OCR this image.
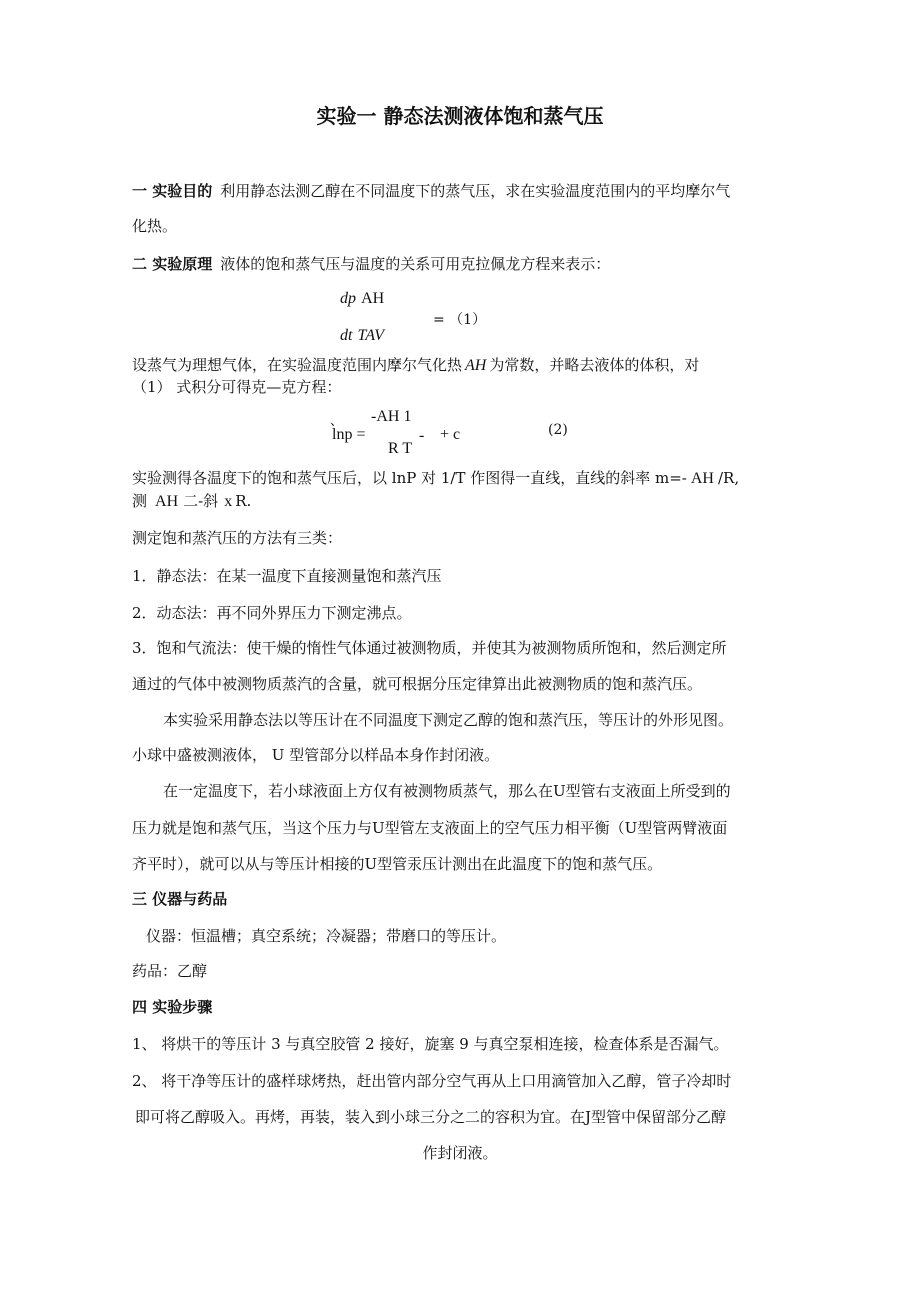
实验一 静态法测液体饱和蒸气压
一 实验目的 利用静态法测乙醇在不同温度下的蒸气压，求在实验温度范围内的平均摩尔气
化热。
二 实验原理 液体的饱和蒸气压与温度的关系可用克拉佩龙方程来表示：
dp AH
dt TAV
= （1）
设蒸气为理想气体，在实验温度范围内摩尔气化热 AH 为常数，并略去液体的体积，对
（1） 式积分可得克—克方程：
、
lnp =
-AH 1
R T
- + c	(2)
实验测得各温度下的饱和蒸气压后，以 lnP 对 1/T 作图得一直线，直线的斜率 m=- AH /R,
测 AH 二-斜 x R.
测定饱和蒸汽压的方法有三类：
1．静态法：在某一温度下直接测量饱和蒸汽压
2．动态法：再不同外界压力下测定沸点。
3．饱和气流法：使干燥的惰性气体通过被测物质，并使其为被测物质所饱和，然后测定所
通过的气体中被测物质蒸汽的含量，就可根据分压定律算出此被测物质的饱和蒸汽压。
本实验采用静态法以等压计在不同温度下测定乙醇的饱和蒸汽压，等压计的外形见图。
小球中盛被测液体， U 型管部分以样品本身作封闭液。
在一定温度下，若小球液面上方仅有被测物质蒸气，那么在U型管右支液面上所受到的
压力就是饱和蒸气压，当这个压力与U型管左支液面上的空气压力相平衡（U型管两臂液面
齐平时），就可以从与等压计相接的U型管汞压计测出在此温度下的饱和蒸气压。
三 仪器与药品
仪器：恒温槽；真空系统；冷凝器；带磨口的等压计。
药品：乙醇
四 实验步骤
1、 将烘干的等压计 3 与真空胶管 2 接好，旋塞 9 与真空泵相连接，检查体系是否漏气。
2、 将干净等压计的盛样球烤热，赶出管内部分空气再从上口用滴管加入乙醇，管子冷却时
即可将乙醇吸入。再烤，再装，装入到小球三分之二的容积为宜。在J型管中保留部分乙醇
作封闭液。
